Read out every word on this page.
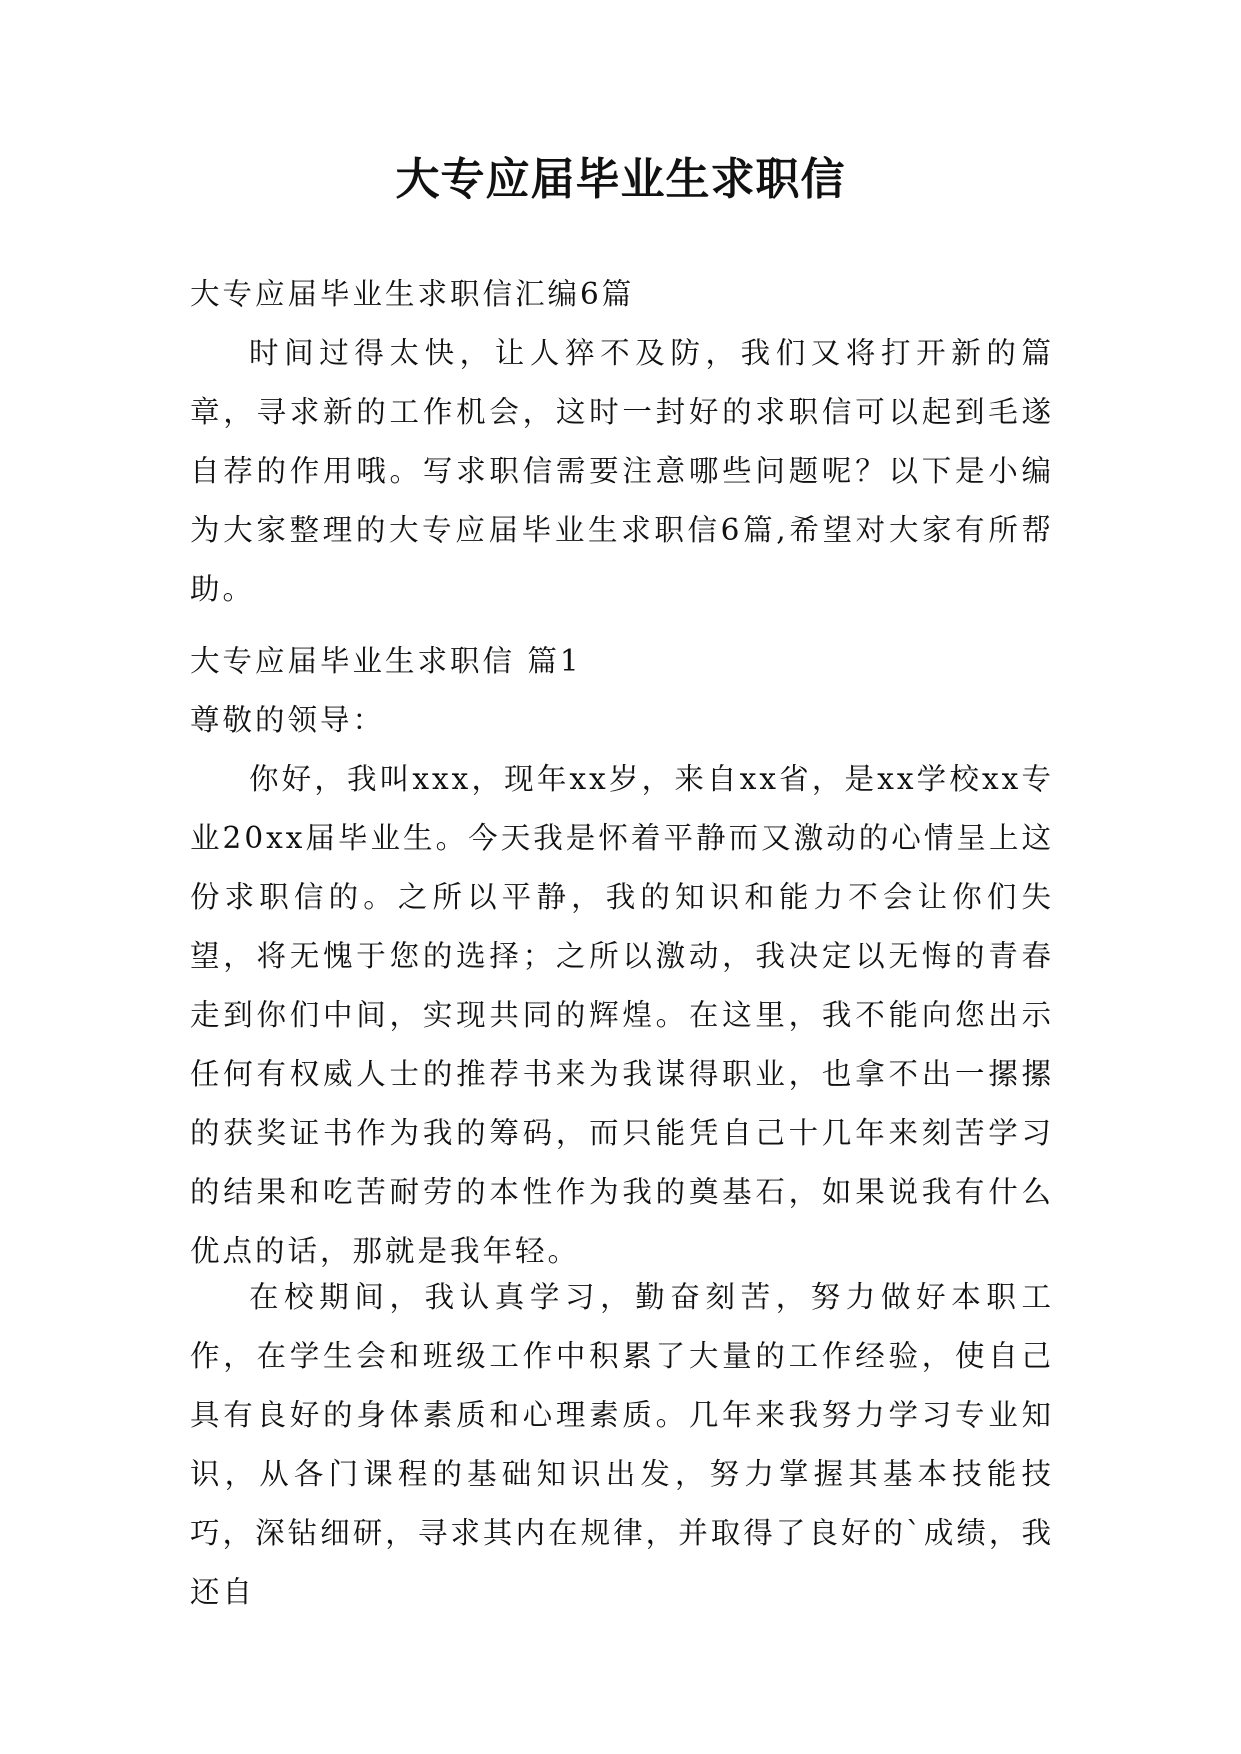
大专应届毕业生求职信

大专应届毕业生求职信汇编6篇

时间过得太快，让人猝不及防，我们又将打开新的篇章，寻求新的工作机会，这时一封好的求职信可以起到毛遂自荐的作用哦。写求职信需要注意哪些问题呢？以下是小编为大家整理的大专应届毕业生求职信6篇,希望对大家有所帮助。

大专应届毕业生求职信 篇1

尊敬的领导：

你好，我叫xxx，现年xx岁，来自xx省，是xx学校xx专业20xx届毕业生。今天我是怀着平静而又激动的心情呈上这份求职信的。之所以平静，我的知识和能力不会让你们失望，将无愧于您的选择；之所以激动，我决定以无悔的青春走到你们中间，实现共同的辉煌。在这里，我不能向您出示任何有权威人士的推荐书来为我谋得职业，也拿不出一摞摞的获奖证书作为我的筹码，而只能凭自己十几年来刻苦学习的结果和吃苦耐劳的本性作为我的奠基石，如果说我有什么优点的话，那就是我年轻。

在校期间，我认真学习，勤奋刻苦，努力做好本职工作，在学生会和班级工作中积累了大量的工作经验，使自己具有良好的身体素质和心理素质。几年来我努力学习专业知识，从各门课程的基础知识出发，努力掌握其基本技能技巧，深钻细研，寻求其内在规律，并取得了良好的`成绩，我还自
